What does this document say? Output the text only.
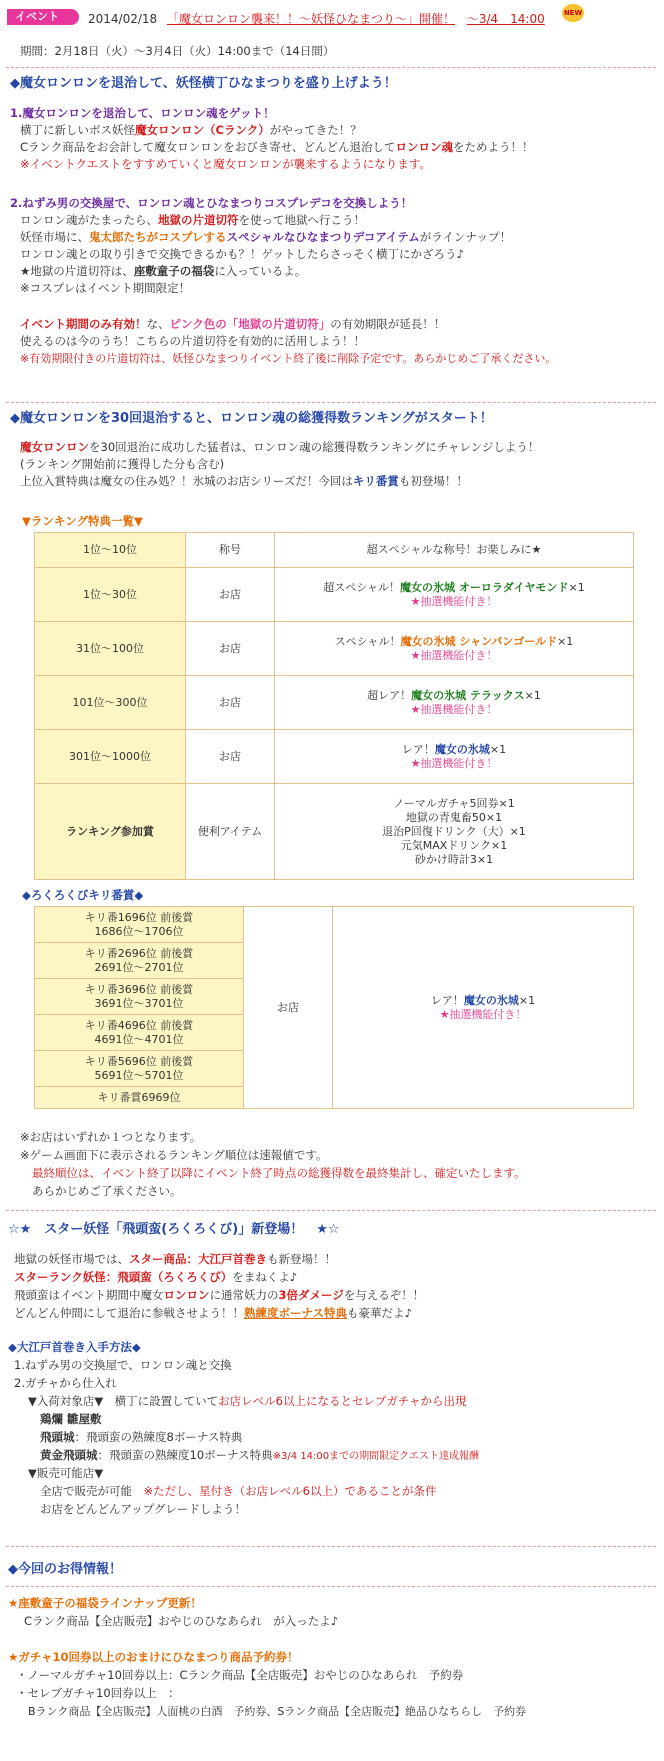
イベント	2014/02/18 「魔女ロンロン襲来！！～妖怪ひなまつり～」開催！ ～3/4　14:00	NEW
期間：2月18日（火）～3月4日（火）14:00まで（14日間）
◆魔女ロンロンを退治して、妖怪横丁ひなまつりを盛り上げよう！
1.魔女ロンロンを退治して、ロンロン魂をゲット！
横丁に新しいボス妖怪魔女ロンロン（Cランク）がやってきた！？
Cランク商品をお会計して魔女ロンロンをおびき寄せ、どんどん退治してロンロン魂をためよう！！
※イベントクエストをすすめていくと魔女ロンロンが襲来するようになります。
2.ねずみ男の交換屋で、ロンロン魂とひなまつりコスプレデコを交換しよう！
ロンロン魂がたまったら、地獄の片道切符を使って地獄へ行こう！
妖怪市場に、鬼太郎たちがコスプレするスペシャルなひなまつりデコアイテムがラインナップ！
ロンロン魂との取り引きで交換できるかも？！ゲットしたらさっそく横丁にかざろう♪
★地獄の片道切符は、座敷童子の福袋に入っているよ。
※コスプレはイベント期間限定！
イベント期間のみ有効！な、ピンク色の「地獄の片道切符」の有効期限が延長！！
使えるのは今のうち！こちらの片道切符を有効的に活用しよう！！
※有効期限付きの片道切符は、妖怪ひなまつりイベント終了後に削除予定です。あらかじめご了承ください。
◆魔女ロンロンを30回退治すると、ロンロン魂の総獲得数ランキングがスタート！
魔女ロンロンを30回退治に成功した猛者は、ロンロン魂の総獲得数ランキングにチャレンジしよう！
(ランキング開始前に獲得した分も含む)
上位入賞特典は魔女の住み処？！氷城のお店シリーズだ！今回はキリ番賞も初登場！！
▼ランキング特典一覧▼
1位～10位	称号	超スペシャルな称号！お楽しみに★
1位～30位	お店	超スペシャル！魔女の氷城 オーロラダイヤモンド×1
★抽選機能付き！
31位～100位	お店	スペシャル！魔女の氷城 シャンパンゴールド×1
★抽選機能付き！
101位～300位	お店	超レア！魔女の氷城 テラックス×1
★抽選機能付き！
301位～1000位	お店	レア！魔女の氷城×1
★抽選機能付き！
ランキング参加賞	便利アイテム	ノーマルガチャ5回券×1
地獄の青鬼畜50×1
退治P回復ドリンク（大）×1
元気MAXドリンク×1
砂かけ時計3×1
◆ろくろくびキリ番賞◆
キリ番1696位 前後賞
1686位～1706位
	お店	レア！魔女の氷城×1
★抽選機能付き！

キリ番2696位 前後賞
2691位～2701位

キリ番3696位 前後賞
3691位～3701位

キリ番4696位 前後賞
4691位～4701位

キリ番5696位 前後賞
5691位～5701位

キリ番賞6969位
※お店はいずれか１つとなります。
※ゲーム画面下に表示されるランキング順位は速報値です。
最終順位は、イベント終了以降にイベント終了時点の総獲得数を最終集計し、確定いたします。
あらかじめご了承ください。
☆★　スター妖怪「飛頭蛮(ろくろくび)」新登場！　★☆
地獄の妖怪市場では、スター商品：大江戸首巻きも新登場！！
スターランク妖怪：飛頭蛮（ろくろくび）をまねくよ♪
飛頭蛮はイベント期間中魔女ロンロンに通常妖力の3倍ダメージを与えるぞ！！
どんどん仲間にして退治に参戦させよう！！熟練度ボーナス特典も豪華だよ♪
◆大江戸首巻き入手方法◆
1.ねずみ男の交換屋で、ロンロン魂と交換
2.ガチャから仕入れ
▼入荷対象店▼　横丁に設置していてお店レベル6以上になるとセレブガチャから出現
鶏爛 雛屋敷
飛頭城：飛頭蛮の熟練度8ボーナス特典
黄金飛頭城：飛頭蛮の熟練度10ボーナス特典※3/4 14:00までの期間限定クエスト達成報酬
▼販売可能店▼
全店で販売が可能　※ただし、星付き（お店レベル6以上）であることが条件
お店をどんどんアップグレードしよう！
◆今回のお得情報！
★座敷童子の福袋ラインナップ更新！
Cランク商品【全店販売】おやじのひなあられ　が入ったよ♪
★ガチャ10回券以上のおまけにひなまつり商品予約券！
・ノーマルガチャ10回券以上：Cランク商品【全店販売】おやじのひなあられ　予約券
・セレブガチャ10回券以上　：
Bランク商品【全店販売】人面桃の白酒　予約券、Sランク商品【全店販売】絶品ひなちらし　予約券
